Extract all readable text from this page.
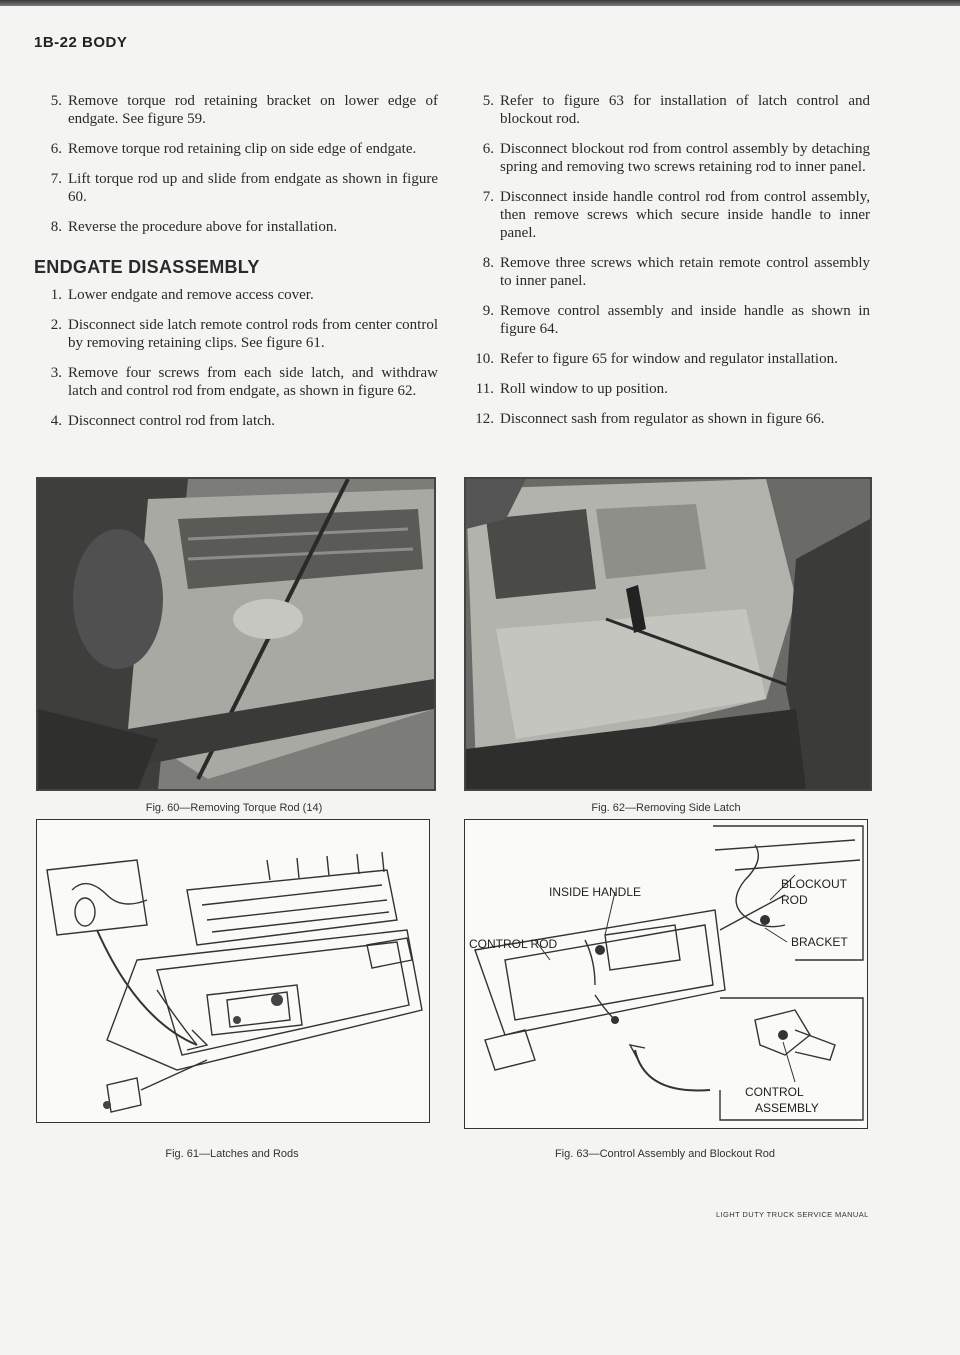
1B-22 BODY
5. Remove torque rod retaining bracket on lower edge of endgate. See figure 59.
6. Remove torque rod retaining clip on side edge of endgate.
7. Lift torque rod up and slide from endgate as shown in figure 60.
8. Reverse the procedure above for installation.
ENDGATE DISASSEMBLY
1. Lower endgate and remove access cover.
2. Disconnect side latch remote control rods from center control by removing retaining clips. See figure 61.
3. Remove four screws from each side latch, and withdraw latch and control rod from endgate, as shown in figure 62.
4. Disconnect control rod from latch.
5. Refer to figure 63 for installation of latch control and blockout rod.
6. Disconnect blockout rod from control assembly by detaching spring and removing two screws retaining rod to inner panel.
7. Disconnect inside handle control rod from control assembly, then remove screws which secure inside handle to inner panel.
8. Remove three screws which retain remote control assembly to inner panel.
9. Remove control assembly and inside handle as shown in figure 64.
10. Refer to figure 65 for window and regulator installation.
11. Roll window to up position.
12. Disconnect sash from regulator as shown in figure 66.
Fig. 60—Removing Torque Rod (14)	Fig. 62—Removing Side Latch
Fig. 61—Latches and Rods
INSIDE HANDLE
CONTROL ROD
BLOCKOUT
ROD
BRACKET
CONTROL
ASSEMBLY
Fig. 63—Control Assembly and Blockout Rod
LIGHT DUTY TRUCK SERVICE MANUAL
